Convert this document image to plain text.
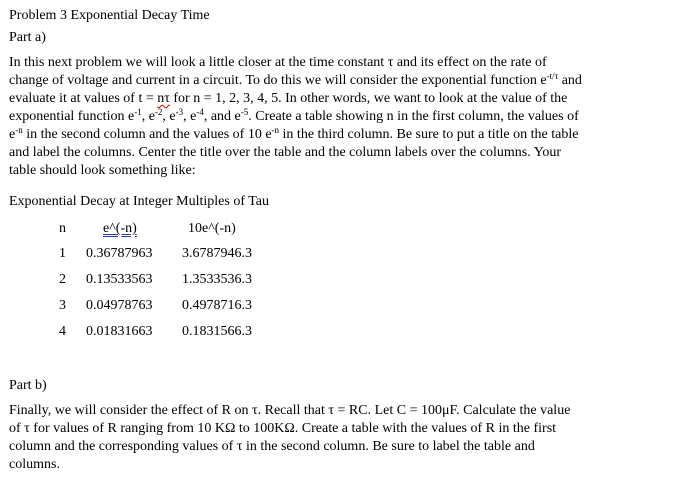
Problem 3 Exponential Decay Time
Part a)
In this next problem we will look a little closer at the time constant τ and its effect on the rate of
change of voltage and current in a circuit. To do this we will consider the exponential function $e^{-t/\tau}$ and
evaluate it at values of t = nτ for n = 1, 2, 3, 4, 5. In other words, we want to look at the value of the
exponential function $e^{-1}$, $e^{-2}$, $e^{-3}$, $e^{-4}$, and $e^{-5}$. Create a table showing n in the first column, the values of
$e^{-n}$ in the second column and the values of 10 $e^{-n}$ in the third column. Be sure to put a title on the table
and label the columns. Center the title over the table and the column labels over the columns. Your
table should look something like:
Exponential Decay at Integer Multiples of Tau
n	e^(-n)	10e^(-n)
1 0.36787963 3.6787946.3
2 0.13533563 1.3533536.3
3 0.04978763 0.4978716.3
4 0.01831663 0.1831566.3
Part b)
Finally, we will consider the effect of R on τ. Recall that τ = RC. Let C = 100μF. Calculate the value
of τ for values of R ranging from 10 KΩ to 100KΩ. Create a table with the values of R in the first
column and the corresponding values of τ in the second column. Be sure to label the table and
columns.
